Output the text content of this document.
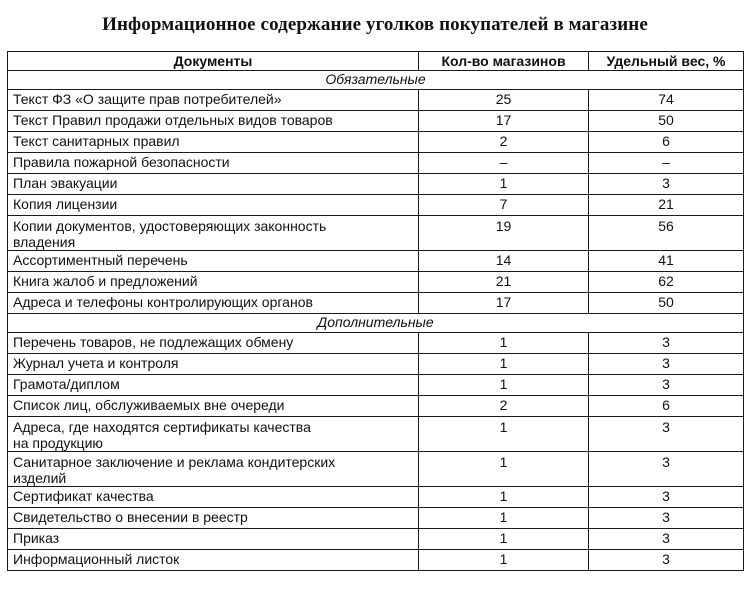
Информационное содержание уголков покупателей в магазине
Документы	Кол-во магазинов	Удельный вес, %
Обязательные		
Текст ФЗ «О защите прав потребителей»	25	74
Текст Правил продажи отдельных видов товаров	17	50
Текст санитарных правил	2	6
Правила пожарной безопасности	–	–
План эвакуации	1	3
Копия лицензии	7	21
Копии документов, удостоверяющих законность
владения	19	56
Ассортиментный перечень	14	41
Книга жалоб и предложений	21	62
Адреса и телефоны контролирующих органов	17	50
Дополнительные		
Перечень товаров, не подлежащих обмену	1	3
Журнал учета и контроля	1	3
Грамота/диплом	1	3
Список лиц, обслуживаемых вне очереди	2	6
Адреса, где находятся сертификаты качества
на продукцию	1	3
Санитарное заключение и реклама кондитерских
изделий	1	3
Сертификат качества	1	3
Свидетельство о внесении в реестр	1	3
Приказ	1	3
Информационный листок	1	3
